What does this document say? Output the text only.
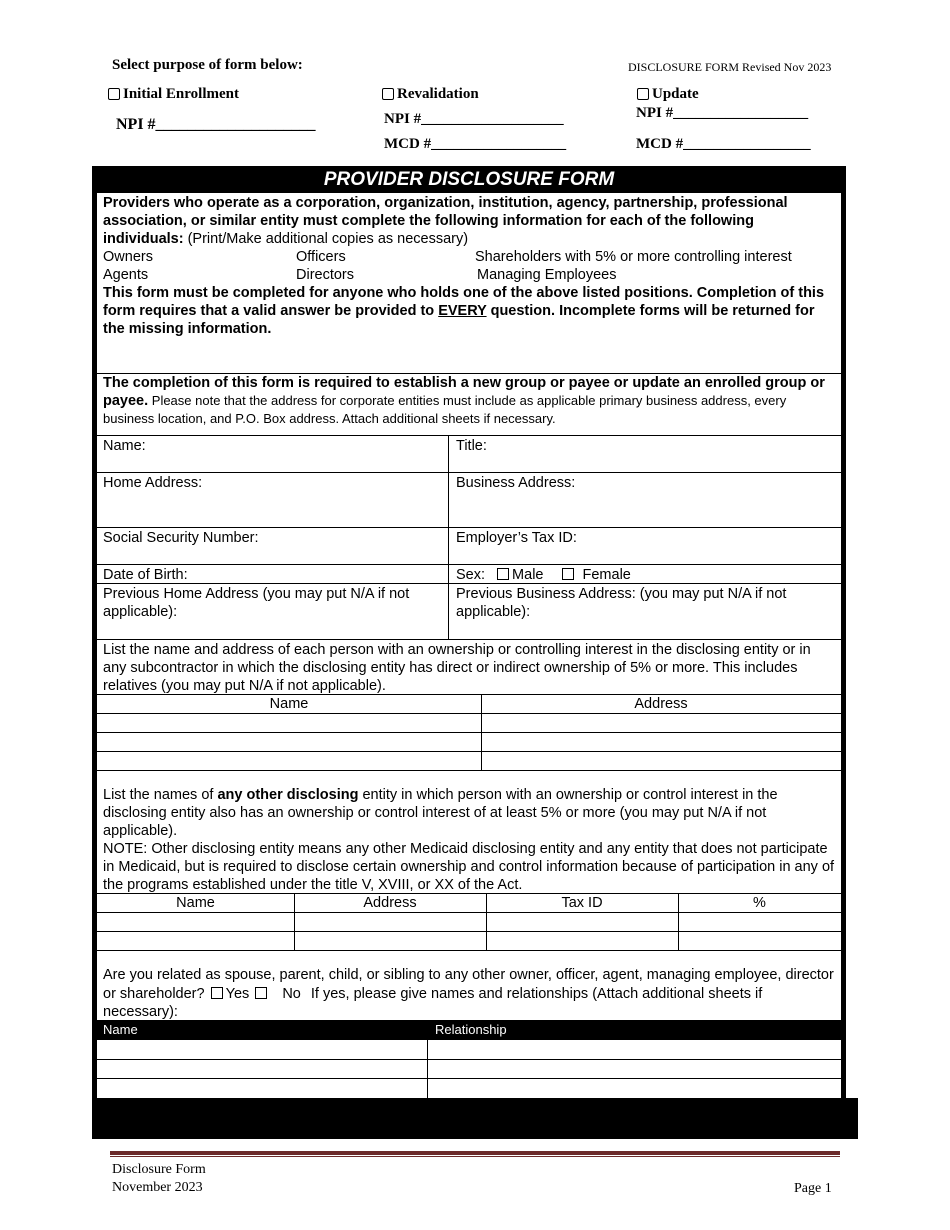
Select purpose of form below:	DISCLOSURE FORM Revised Nov 2023
Initial Enrollment	Revalidation	Update
NPI #____________________	NPI #___________________
MCD #__________________
NPI #__________________
MCD #_________________
PROVIDER DISCLOSURE FORM
Providers who operate as a corporation, organization, institution, agency, partnership, professional association, or similar entity must complete the following information for each of the following individuals: (Print/Make additional copies as necessary)
Owners	Officers	Shareholders with 5% or more controlling interest
Agents	Directors	Managing Employees
This form must be completed for anyone who holds one of the above listed positions. Completion of this form requires that a valid answer be provided to EVERY question. Incomplete forms will be returned for the missing information.
The completion of this form is required to establish a new group or payee or update an enrolled group or payee. Please note that the address for corporate entities must include as applicable primary business address, every business location, and P.O. Box address. Attach additional sheets if necessary.
Name:	Title:
Home Address:	Business Address:
Social Security Number:	Employer’s Tax ID:
Date of Birth:	Sex: Male	Female
Previous Home Address (you may put N/A if not applicable):
Previous Business Address: (you may put N/A if not applicable):
List the name and address of each person with an ownership or controlling interest in the disclosing entity or in any subcontractor in which the disclosing entity has direct or indirect ownership of 5% or more. This includes relatives (you may put N/A if not applicable).
Name	Address
List the names of any other disclosing entity in which person with an ownership or control interest in the disclosing entity also has an ownership or control interest of at least 5% or more (you may put N/A if not applicable).
NOTE: Other disclosing entity means any other Medicaid disclosing entity and any entity that does not participate in Medicaid, but is required to disclose certain ownership and control information because of participation in any of the programs established under the title V, XVIII, or XX of the Act.
Name	Address	Tax ID	%
Are you related as spouse, parent, child, or sibling to any other owner, officer, agent, managing employee, director or shareholder? Yes No If yes, please give names and relationships (Attach additional sheets if necessary):
Name	Relationship
Disclosure Form
November 2023	Page 1
